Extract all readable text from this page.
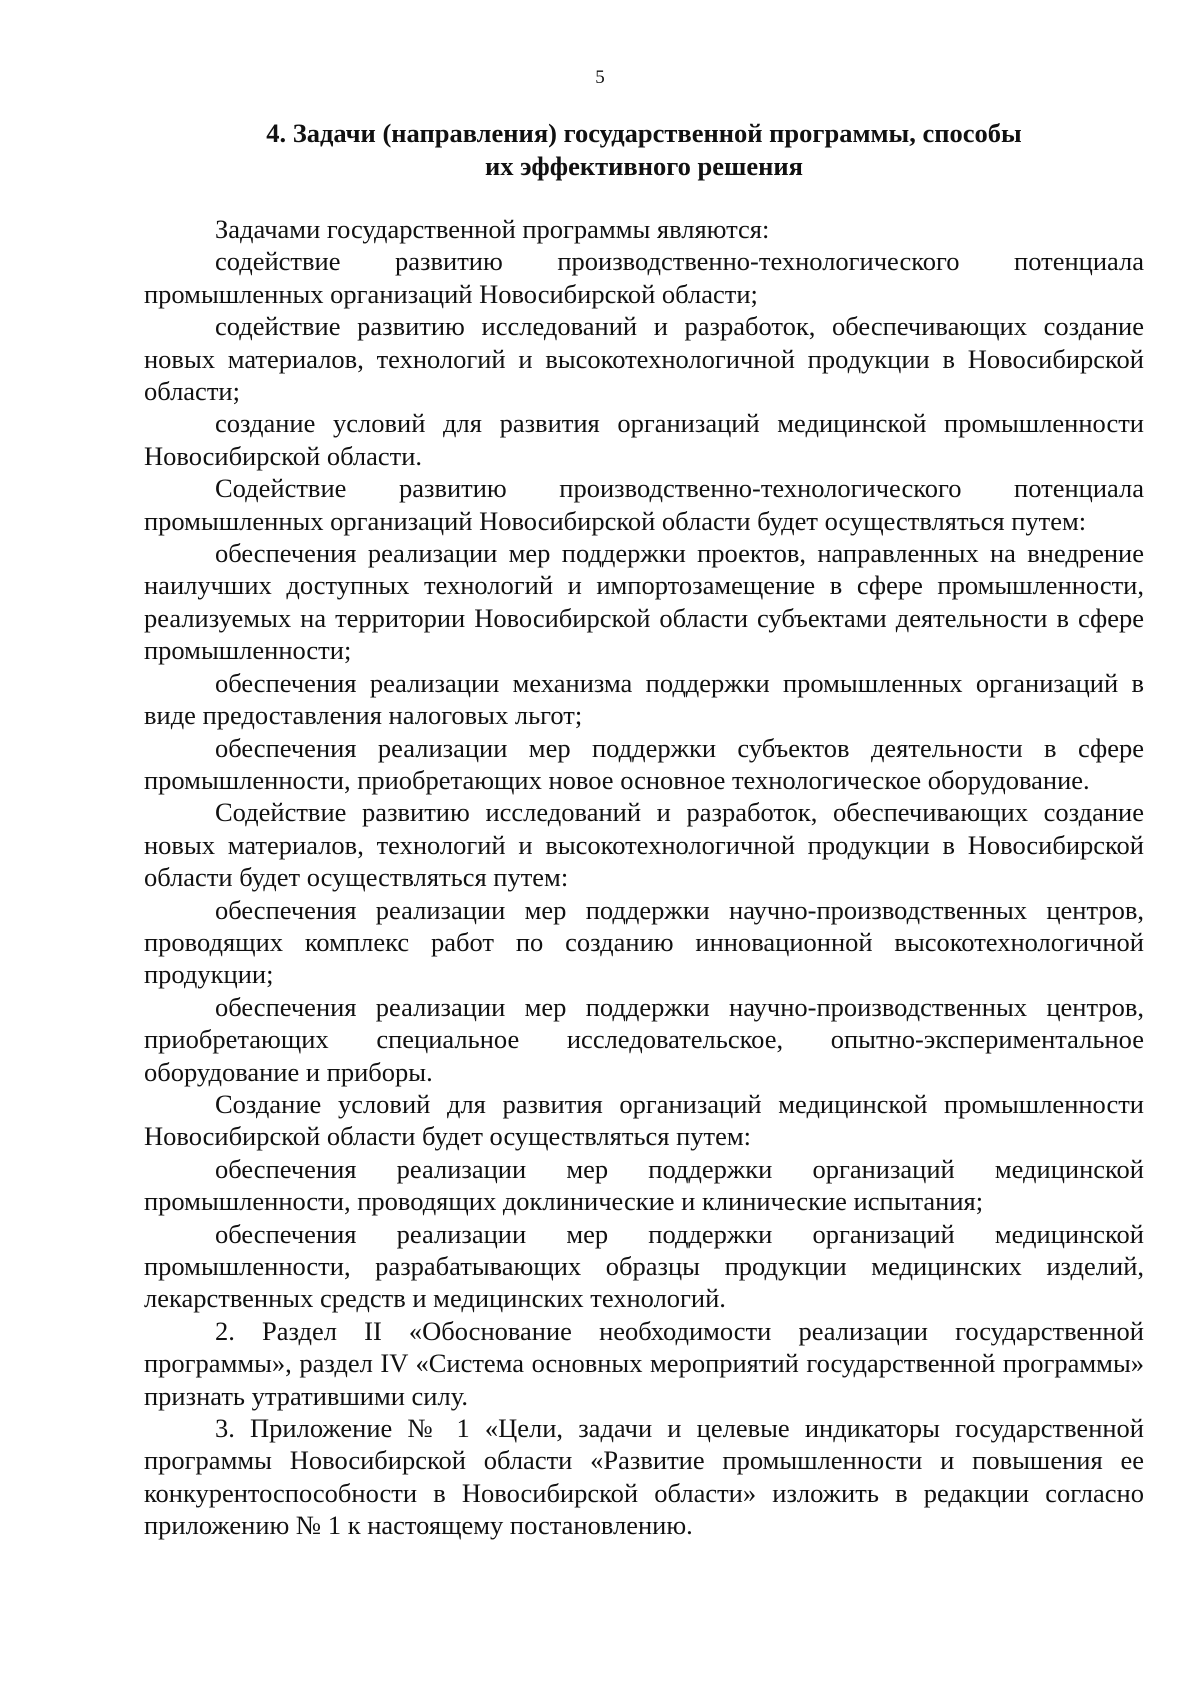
5
4. Задачи (направления) государственной программы, способы
их эффективного решения

Задачами государственной программы являются:

содействие развитию производственно-технологического потенциала промышленных организаций Новосибирской области;

содействие развитию исследований и разработок, обеспечивающих создание новых материалов, технологий и высокотехнологичной продукции в Новосибирской области;

создание условий для развития организаций медицинской промышленности Новосибирской области.

Содействие развитию производственно-технологического потенциала промышленных организаций Новосибирской области будет осуществляться путем:

обеспечения реализации мер поддержки проектов, направленных на внедрение наилучших доступных технологий и импортозамещение в сфере промышленности, реализуемых на территории Новосибирской области субъектами деятельности в сфере промышленности;

обеспечения реализации механизма поддержки промышленных организаций в виде предоставления налоговых льгот;

обеспечения реализации мер поддержки субъектов деятельности в сфере промышленности, приобретающих новое основное технологическое оборудование.

Содействие развитию исследований и разработок, обеспечивающих создание новых материалов, технологий и высокотехнологичной продукции в Новосибирской области будет осуществляться путем:

обеспечения реализации мер поддержки научно-производственных центров, проводящих комплекс работ по созданию инновационной высокотехнологичной продукции;

обеспечения реализации мер поддержки научно-производственных центров, приобретающих специальное исследовательское, опытно-экспериментальное оборудование и приборы.

Создание условий для развития организаций медицинской промышленности Новосибирской области будет осуществляться путем:

обеспечения реализации мер поддержки организаций медицинской промышленности, проводящих доклинические и клинические испытания;

обеспечения реализации мер поддержки организаций медицинской промышленности, разрабатывающих образцы продукции медицинских изделий, лекарственных средств и медицинских технологий.

2. Раздел II «Обоснование необходимости реализации государственной программы», раздел IV «Система основных мероприятий государственной программы» признать утратившими силу.

3. Приложение № 1 «Цели, задачи и целевые индикаторы государственной программы Новосибирской области «Развитие промышленности и повышения ее конкурентоспособности в Новосибирской области» изложить в редакции согласно приложению № 1 к настоящему постановлению.
